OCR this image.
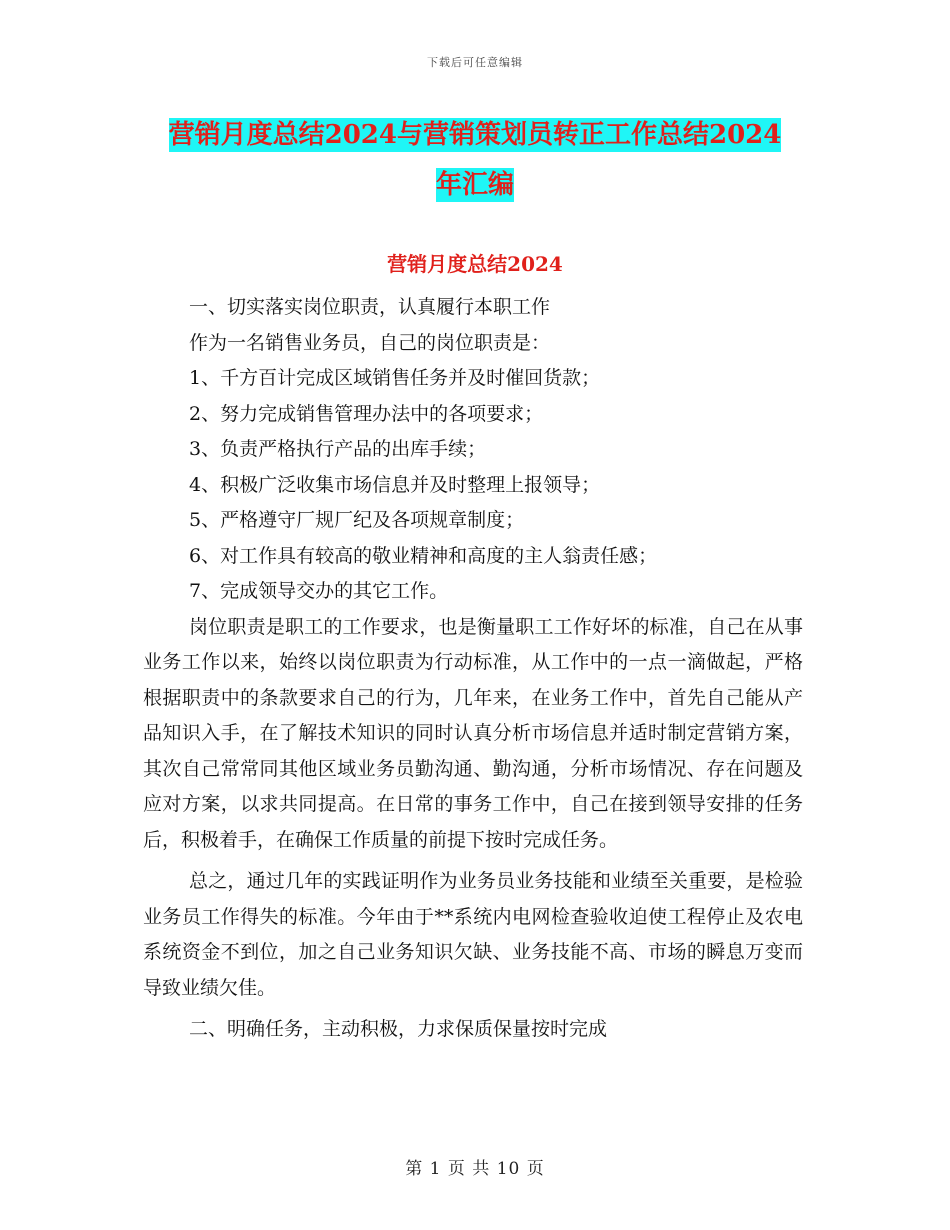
下载后可任意编辑
营销月度总结2024与营销策划员转正工作总结2024
年汇编
营销月度总结2024

一、切实落实岗位职责，认真履行本职工作

作为一名销售业务员，自己的岗位职责是：

1、千方百计完成区域销售任务并及时催回货款；

2、努力完成销售管理办法中的各项要求；

3、负责严格执行产品的出库手续；

4、积极广泛收集市场信息并及时整理上报领导；

5、严格遵守厂规厂纪及各项规章制度；

6、对工作具有较高的敬业精神和高度的主人翁责任感；

7、完成领导交办的其它工作。

岗位职责是职工的工作要求，也是衡量职工工作好坏的标准，自己在从事业务工作以来，始终以岗位职责为行动标准，从工作中的一点一滴做起，严格根据职责中的条款要求自己的行为，几年来，在业务工作中，首先自己能从产品知识入手，在了解技术知识的同时认真分析市场信息并适时制定营销方案，其次自己常常同其他区域业务员勤沟通、勤沟通，分析市场情况、存在问题及应对方案，以求共同提高。在日常的事务工作中，自己在接到领导安排的任务后，积极着手，在确保工作质量的前提下按时完成任务。

总之，通过几年的实践证明作为业务员业务技能和业绩至关重要，是检验业务员工作得失的标准。今年由于**系统内电网检查验收迫使工程停止及农电系统资金不到位，加之自己业务知识欠缺、业务技能不高、市场的瞬息万变而导致业绩欠佳。

二、明确任务，主动积极，力求保质保量按时完成

第 1 页 共 10 页
